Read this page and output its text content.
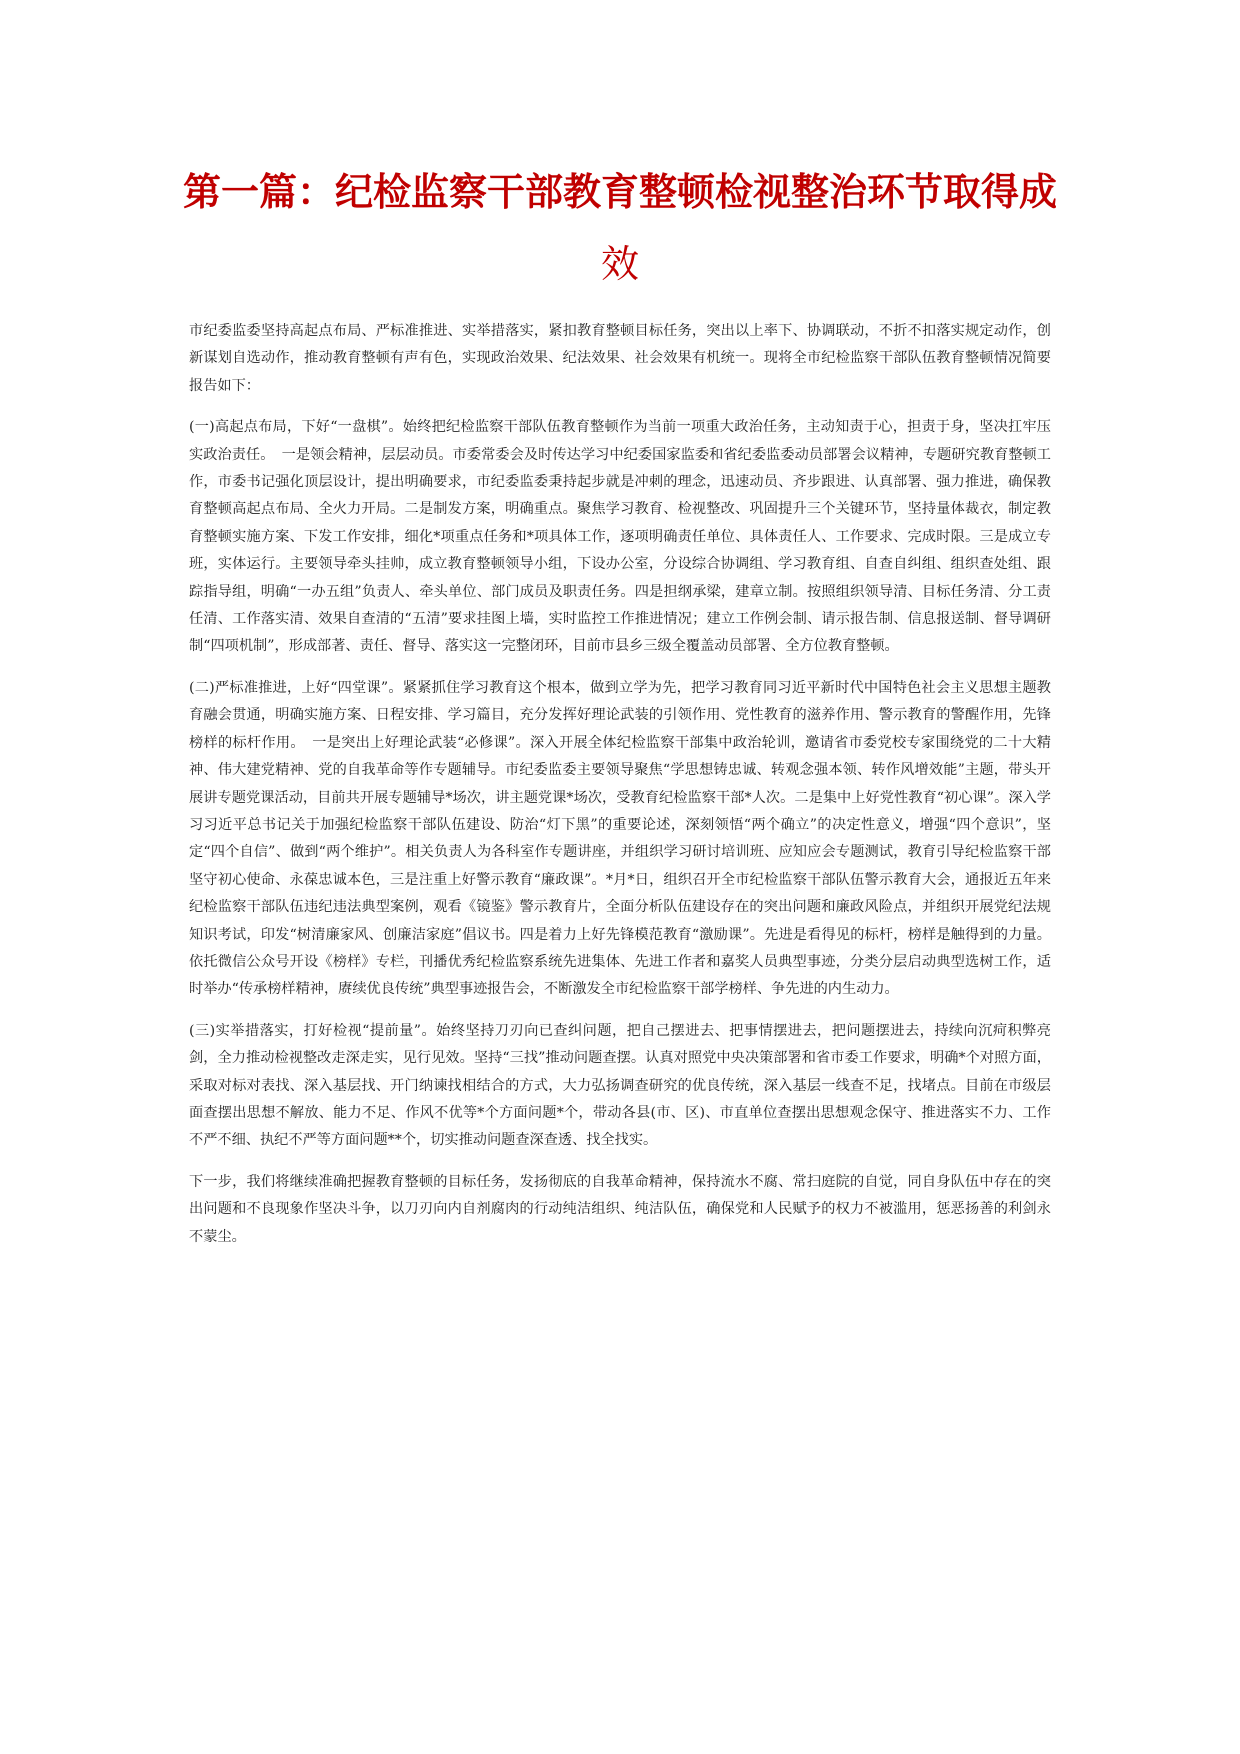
第一篇：纪检监察干部教育整顿检视整治环节取得成
效

市纪委监委坚持高起点布局、严标准推进、实举措落实，紧扣教育整顿目标任务，突出以上率下、协调联动，不折不扣落实规定动作，创新谋划自选动作，推动教育整顿有声有色，实现政治效果、纪法效果、社会效果有机统一。现将全市纪检监察干部队伍教育整顿情况简要报告如下：

(一)高起点布局，下好“一盘棋”。始终把纪检监察干部队伍教育整顿作为当前一项重大政治任务，主动知责于心，担责于身，坚决扛牢压实政治责任。　一是领会精神，层层动员。市委常委会及时传达学习中纪委国家监委和省纪委监委动员部署会议精神，专题研究教育整顿工作，市委书记强化顶层设计，提出明确要求，市纪委监委秉持起步就是冲刺的理念，迅速动员、齐步跟进、认真部署、强力推进，确保教育整顿高起点布局、全火力开局。二是制发方案，明确重点。聚焦学习教育、检视整改、巩固提升三个关键环节，坚持量体裁衣，制定教育整顿实施方案、下发工作安排，细化*项重点任务和*项具体工作，逐项明确责任单位、具体责任人、工作要求、完成时限。三是成立专班，实体运行。主要领导牵头挂帅，成立教育整顿领导小组，下设办公室，分设综合协调组、学习教育组、自查自纠组、组织查处组、跟踪指导组，明确“一办五组”负责人、牵头单位、部门成员及职责任务。四是担纲承梁，建章立制。按照组织领导清、目标任务清、分工责任清、工作落实清、效果自查清的“五清”要求挂图上墙，实时监控工作推进情况；建立工作例会制、请示报告制、信息报送制、督导调研制“四项机制”，形成部著、责任、督导、落实这一完整闭环，目前市县乡三级全覆盖动员部署、全方位教育整顿。

(二)严标准推进，上好“四堂课”。紧紧抓住学习教育这个根本，做到立学为先，把学习教育同习近平新时代中国特色社会主义思想主题教育融会贯通，明确实施方案、日程安排、学习篇目，充分发挥好理论武装的引领作用、党性教育的滋养作用、警示教育的警醒作用，先锋榜样的标杆作用。　一是突出上好理论武装“必修课”。深入开展全体纪检监察干部集中政治轮训，邀请省市委党校专家围绕党的二十大精神、伟大建党精神、党的自我革命等作专题辅导。市纪委监委主要领导聚焦“学思想铸忠诚、转观念强本领、转作风增效能”主题，带头开展讲专题党课活动，目前共开展专题辅导*场次，讲主题党课*场次，受教育纪检监察干部*人次。二是集中上好党性教育“初心课”。深入学习习近平总书记关于加强纪检监察干部队伍建设、防治“灯下黑”的重要论述，深刻领悟“两个确立”的决定性意义，增强“四个意识”，坚定“四个自信”、做到“两个维护”。相关负责人为各科室作专题讲座，并组织学习研讨培训班、应知应会专题测试，教育引导纪检监察干部坚守初心使命、永葆忠诚本色，三是注重上好警示教育“廉政课”。*月*日，组织召开全市纪检监察干部队伍警示教育大会，通报近五年来纪检监察干部队伍违纪违法典型案例，观看《镜鉴》警示教育片，全面分析队伍建设存在的突出问题和廉政风险点，并组织开展党纪法规知识考试，印发“树清廉家风、创廉洁家庭”倡议书。四是着力上好先锋模范教育“激励课”。先进是看得见的标杆，榜样是触得到的力量。依托微信公众号开设《榜样》专栏，刊播优秀纪检监察系统先进集体、先进工作者和嘉奖人员典型事迹，分类分层启动典型选树工作，适时举办“传承榜样精神，赓续优良传统”典型事迹报告会，不断激发全市纪检监察干部学榜样、争先进的内生动力。

(三)实举措落实，打好检视“提前量”。始终坚持刀刃向已查纠问题，把自己摆进去、把事情摆进去，把问题摆进去，持续向沉疴积弊亮剑，全力推动检视整改走深走实，见行见效。坚持“三找”推动问题查摆。认真对照党中央决策部署和省市委工作要求，明确*个对照方面，采取对标对表找、深入基层找、开门纳谏找相结合的方式，大力弘扬调查研究的优良传统，深入基层一线查不足，找堵点。目前在市级层面查摆出思想不解放、能力不足、作风不优等*个方面问题*个，带动各县(市、区)、市直单位查摆出思想观念保守、推进落实不力、工作不严不细、执纪不严等方面问题**个，切实推动问题查深查透、找全找实。

下一步，我们将继续准确把握教育整顿的目标任务，发扬彻底的自我革命精神，保持流水不腐、常扫庭院的自觉，同自身队伍中存在的突出问题和不良现象作坚决斗争，以刀刃向内自剂腐肉的行动纯洁组织、纯洁队伍，确保党和人民赋予的权力不被滥用，惩恶扬善的利剑永不蒙尘。
